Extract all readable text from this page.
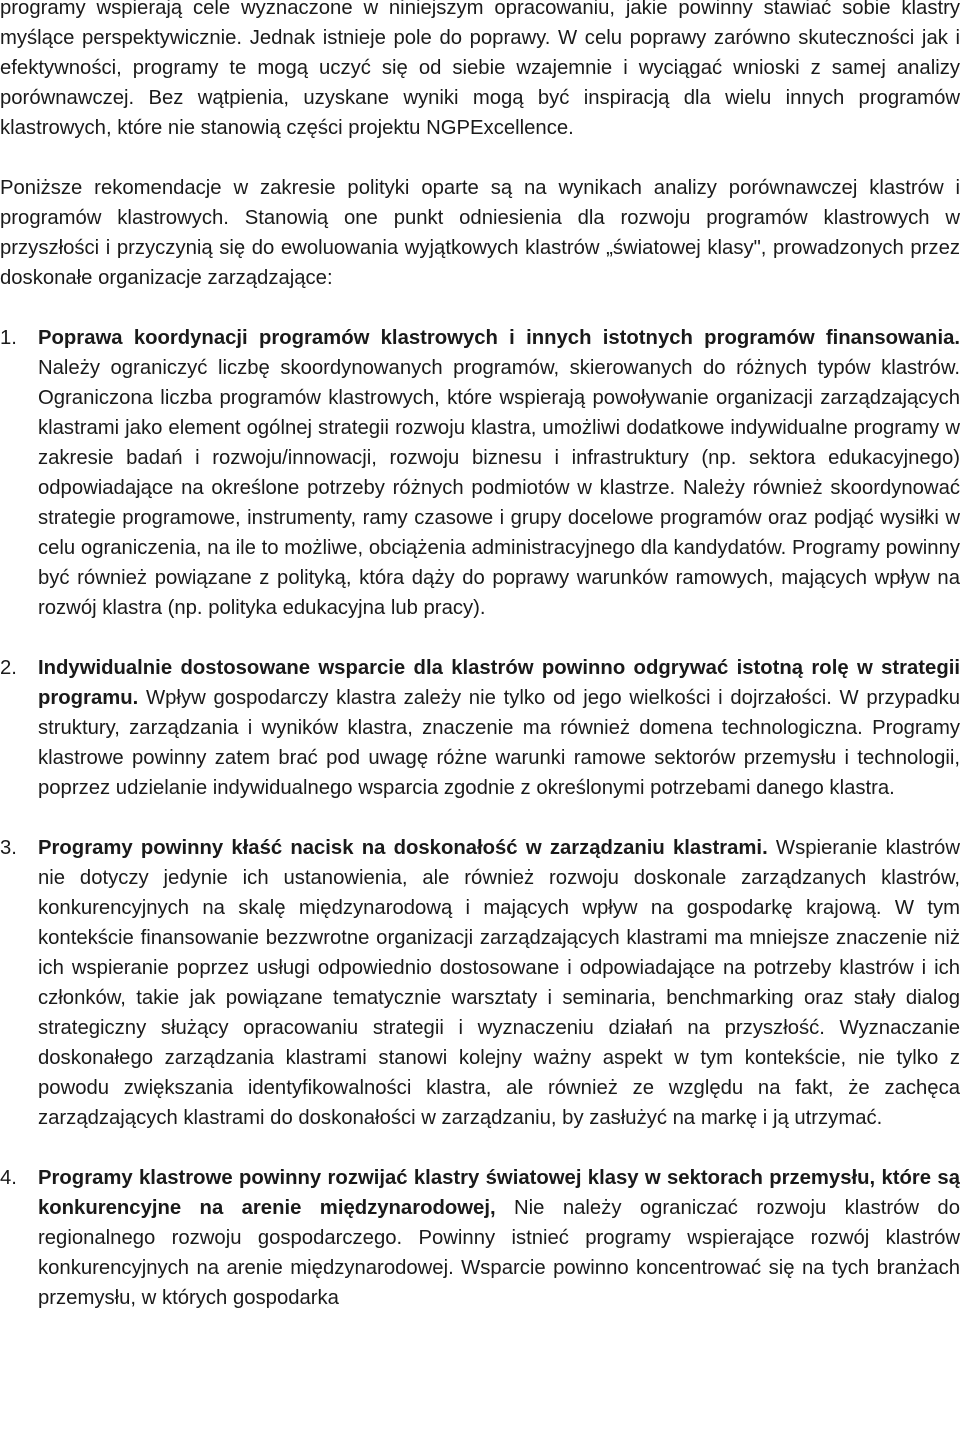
programy wspierają cele wyznaczone w niniejszym opracowaniu, jakie powinny stawiać sobie klastry myślące perspektywicznie. Jednak istnieje pole do poprawy. W celu poprawy zarówno skuteczności jak i efektywności, programy te mogą uczyć się od siebie wzajemnie i wyciągać wnioski z samej analizy porównawczej. Bez wątpienia, uzyskane wyniki mogą być inspiracją dla wielu innych programów klastrowych, które nie stanowią części projektu NGPExcellence.

Poniższe rekomendacje w zakresie polityki oparte są na wynikach analizy porównawczej klastrów i programów klastrowych. Stanowią one punkt odniesienia dla rozwoju programów klastrowych w przyszłości i przyczynią się do ewoluowania wyjątkowych klastrów „światowej klasy", prowadzonych przez doskonałe organizacje zarządzające:

1. Poprawa koordynacji programów klastrowych i innych istotnych programów finansowania. Należy ograniczyć liczbę skoordynowanych programów, skierowanych do różnych typów klastrów. Ograniczona liczba programów klastrowych, które wspierają powoływanie organizacji zarządzających klastrami jako element ogólnej strategii rozwoju klastra, umożliwi dodatkowe indywidualne programy w zakresie badań i rozwoju/innowacji, rozwoju biznesu i infrastruktury (np. sektora edukacyjnego) odpowiadające na określone potrzeby różnych podmiotów w klastrze. Należy również skoordynować strategie programowe, instrumenty, ramy czasowe i grupy docelowe programów oraz podjąć wysiłki w celu ograniczenia, na ile to możliwe, obciążenia administracyjnego dla kandydatów. Programy powinny być również powiązane z polityką, która dąży do poprawy warunków ramowych, mających wpływ na rozwój klastra (np. polityka edukacyjna lub pracy).
2. Indywidualnie dostosowane wsparcie dla klastrów powinno odgrywać istotną rolę w strategii programu. Wpływ gospodarczy klastra zależy nie tylko od jego wielkości i dojrzałości. W przypadku struktury, zarządzania i wyników klastra, znaczenie ma również domena technologiczna. Programy klastrowe powinny zatem brać pod uwagę różne warunki ramowe sektorów przemysłu i technologii, poprzez udzielanie indywidualnego wsparcia zgodnie z określonymi potrzebami danego klastra.
3. Programy powinny kłaść nacisk na doskonałość w zarządzaniu klastrami. Wspieranie klastrów nie dotyczy jedynie ich ustanowienia, ale również rozwoju doskonale zarządzanych klastrów, konkurencyjnych na skalę międzynarodową i mających wpływ na gospodarkę krajową. W tym kontekście finansowanie bezzwrotne organizacji zarządzających klastrami ma mniejsze znaczenie niż ich wspieranie poprzez usługi odpowiednio dostosowane i odpowiadające na potrzeby klastrów i ich członków, takie jak powiązane tematycznie warsztaty i seminaria, benchmarking oraz stały dialog strategiczny służący opracowaniu strategii i wyznaczeniu działań na przyszłość. Wyznaczanie doskonałego zarządzania klastrami stanowi kolejny ważny aspekt w tym kontekście, nie tylko z powodu zwiększania identyfikowalności klastra, ale również ze względu na fakt, że zachęca zarządzających klastrami do doskonałości w zarządzaniu, by zasłużyć na markę i ją utrzymać.
4. Programy klastrowe powinny rozwijać klastry światowej klasy w sektorach przemysłu, które są konkurencyjne na arenie międzynarodowej, Nie należy ograniczać rozwoju klastrów do regionalnego rozwoju gospodarczego. Powinny istnieć programy wspierające rozwój klastrów konkurencyjnych na arenie międzynarodowej. Wsparcie powinno koncentrować się na tych branżach przemysłu, w których gospodarka
